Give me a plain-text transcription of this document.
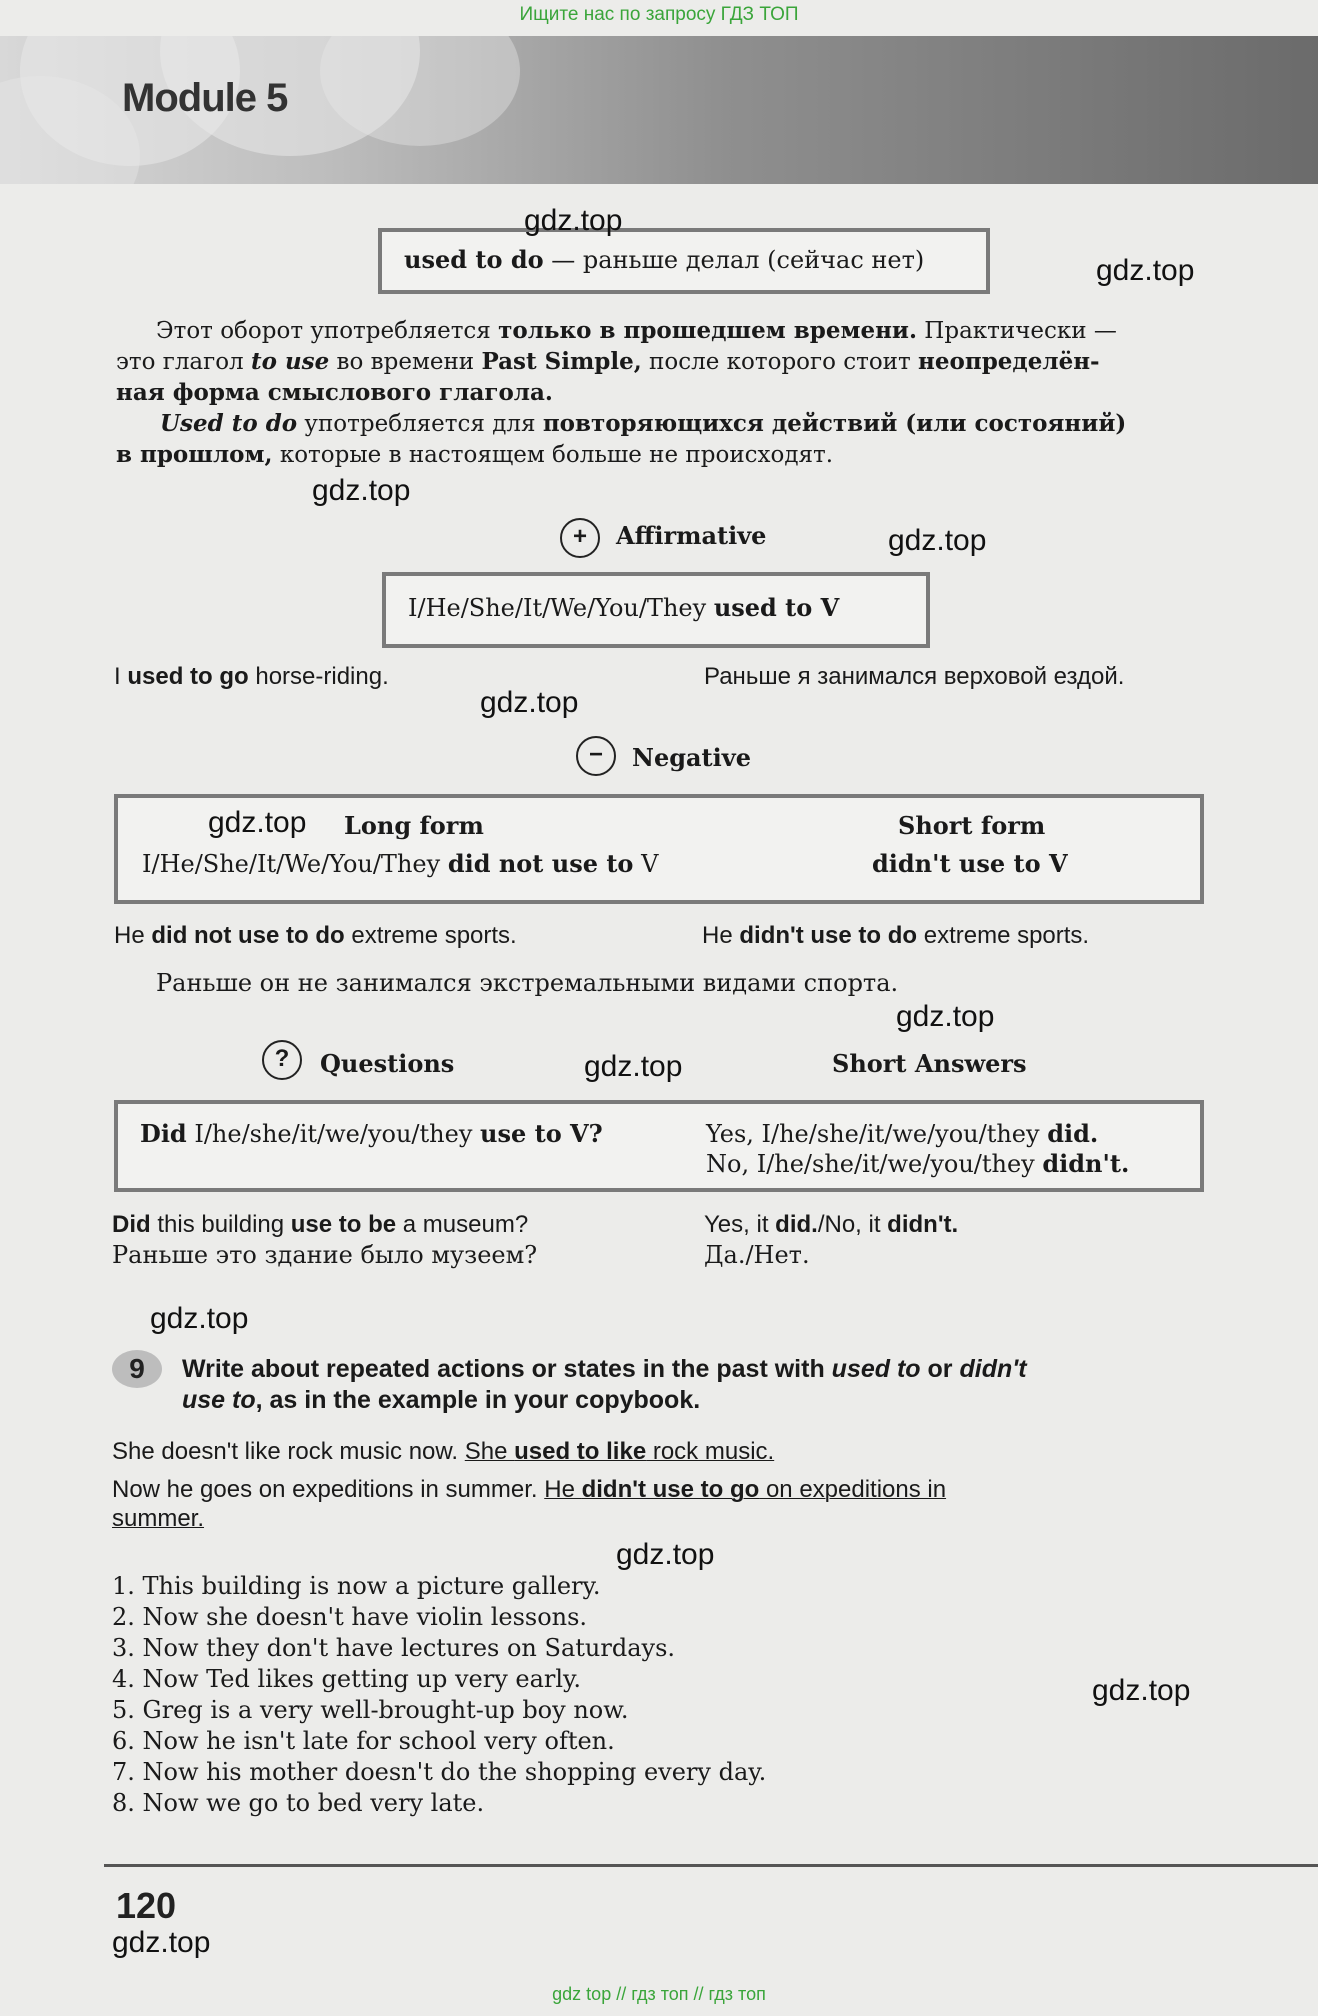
Ищите нас по запросу ГДЗ ТОП
Module 5
used to do — раньше делал (сейчас нет)
Этот оборот употребляется только в прошедшем времени. Практически —
это глагол to use во времени Past Simple, после которого стоит неопределён-
ная форма смыслового глагола.
Used to do употребляется для повторяющихся действий (или состояний)
в прошлом, которые в настоящем больше не происходят.
+	Affirmative
I/He/She/It/We/You/They used to V
I used to go horse-riding.	Раньше я занимался верховой ездой.
−	Negative
Long form	Short form
I/He/She/It/We/You/They did not use to V	didn't use to V
He did not use to do extreme sports.	He didn't use to do extreme sports.
Раньше он не занимался экстремальными видами спорта.
?	Questions	Short Answers
Did I/he/she/it/we/you/they use to V?	Yes, I/he/she/it/we/you/they did.
No, I/he/she/it/we/you/they didn't.
Did this building use to be a museum?
Раньше это здание было музеем?
Yes, it did./No, it didn't.
Да./Нет.
9	Write about repeated actions or states in the past with used to or didn't
use to, as in the example in your copybook.
She doesn't like rock music now. She used to like rock music.
Now he goes on expeditions in summer. He didn't use to go on expeditions in
summer.
1. This building is now a picture gallery.
2. Now she doesn't have violin lessons.
3. Now they don't have lectures on Saturdays.
4. Now Ted likes getting up very early.
5. Greg is a very well-brought-up boy now.
6. Now he isn't late for school very often.
7. Now his mother doesn't do the shopping every day.
8. Now we go to bed very late.
120
gdz.top
gdz.top
gdz.top
gdz.top
gdz.top
gdz.top
gdz.top
gdz.top
gdz.top
gdz.top
gdz.top
gdz.top
gdz top // гдз топ // гдз топ
